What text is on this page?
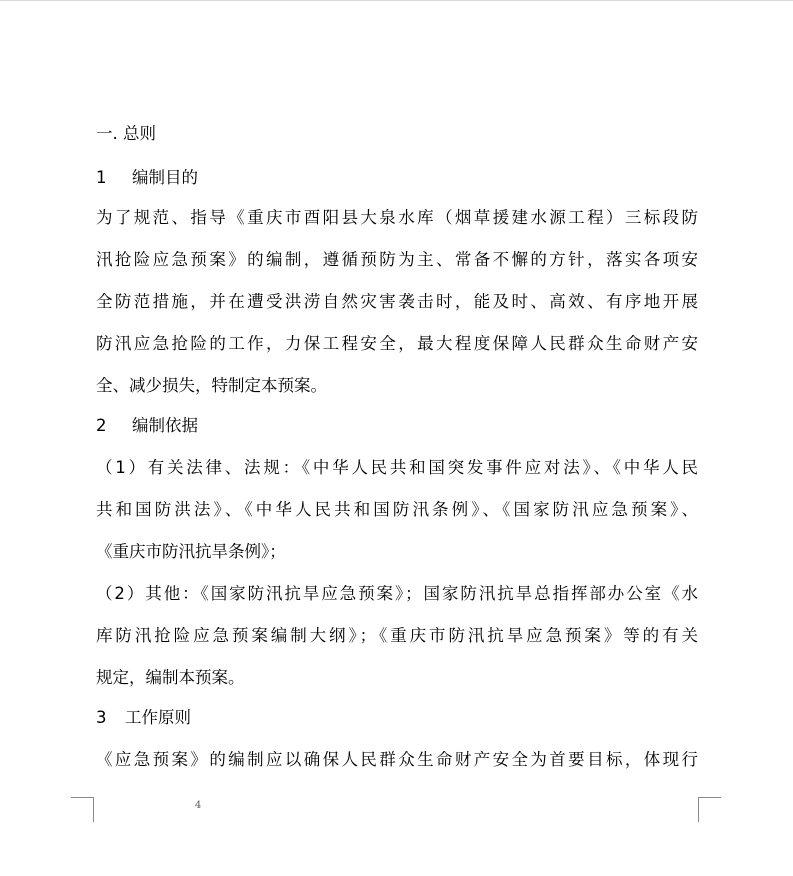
一. 总则
1 编制目的
为了规范、指导《重庆市酉阳县大泉水库（烟草援建水源工程）三标段防
汛抢险应急预案》的编制，遵循预防为主、常备不懈的方针，落实各项安
全防范措施，并在遭受洪涝自然灾害袭击时，能及时、高效、有序地开展
防汛应急抢险的工作，力保工程安全，最大程度保障人民群众生命财产安
全、减少损失，特制定本预案。
2 编制依据
（1）有关法律、法规：《中华人民共和国突发事件应对法》、《中华人民
共和国防洪法》、《中华人民共和国防汛条例》、《国家防汛应急预案》、
《重庆市防汛抗旱条例》；
（2）其他：《国家防汛抗旱应急预案》；国家防汛抗旱总指挥部办公室《水
库防汛抢险应急预案编制大纲》；《重庆市防汛抗旱应急预案》等的有关
规定，编制本预案。
3 工作原则
《应急预案》的编制应以确保人民群众生命财产安全为首要目标，体现行
4
